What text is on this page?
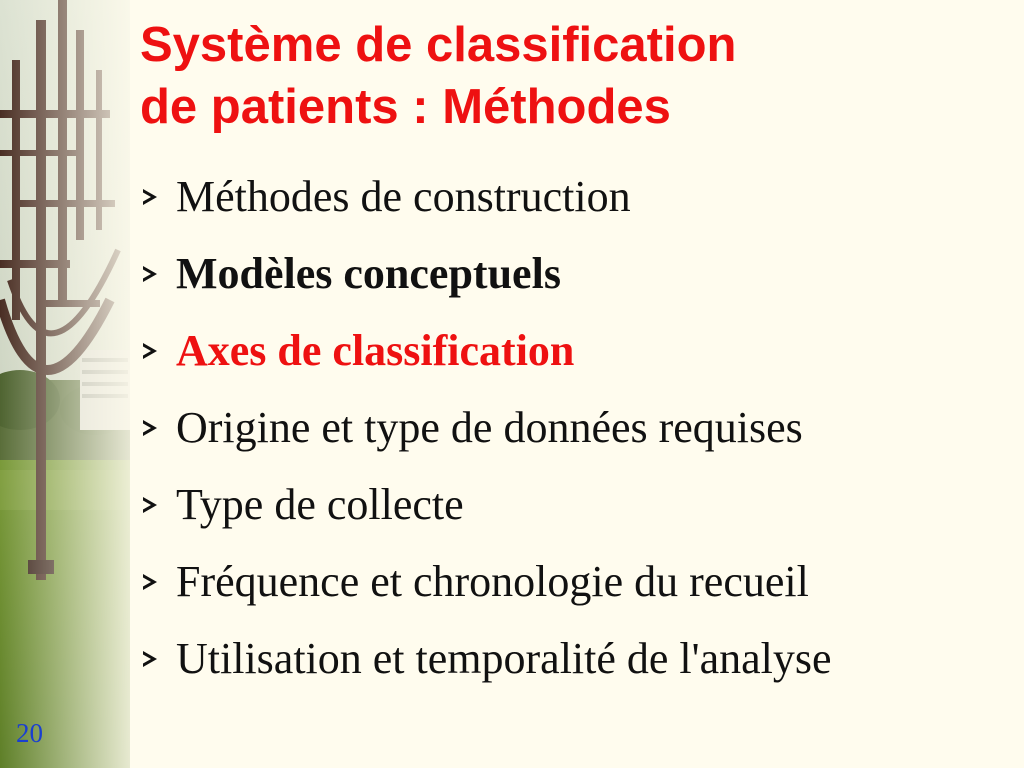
20
Système de classification
de patients : Méthodes
Méthodes de construction
Modèles conceptuels
Axes de classification
Origine et type de données requises
Type de collecte
Fréquence et chronologie du recueil
Utilisation et temporalité de l'analyse
